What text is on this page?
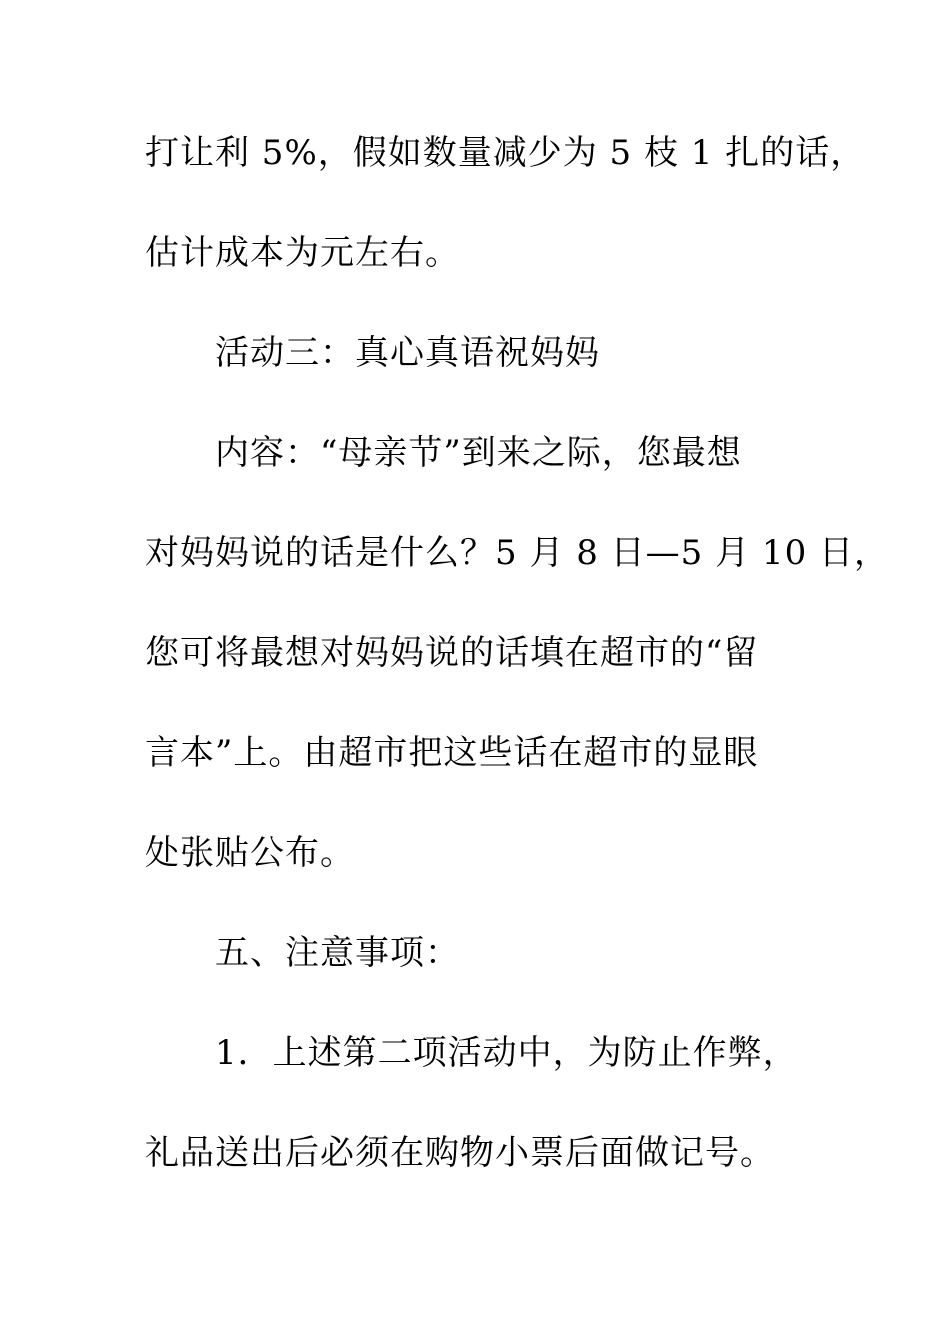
打让利 5%，假如数量减少为 5 枝 1 扎的话，
估计成本为元左右。
活动三：真心真语祝妈妈
内容：“母亲节”到来之际，您最想
对妈妈说的话是什么？5 月 8 日—5 月 10 日，
您可将最想对妈妈说的话填在超市的“留
言本”上。由超市把这些话在超市的显眼
处张贴公布。
五、注意事项：
1．上述第二项活动中，为防止作弊，
礼品送出后必须在购物小票后面做记号。
